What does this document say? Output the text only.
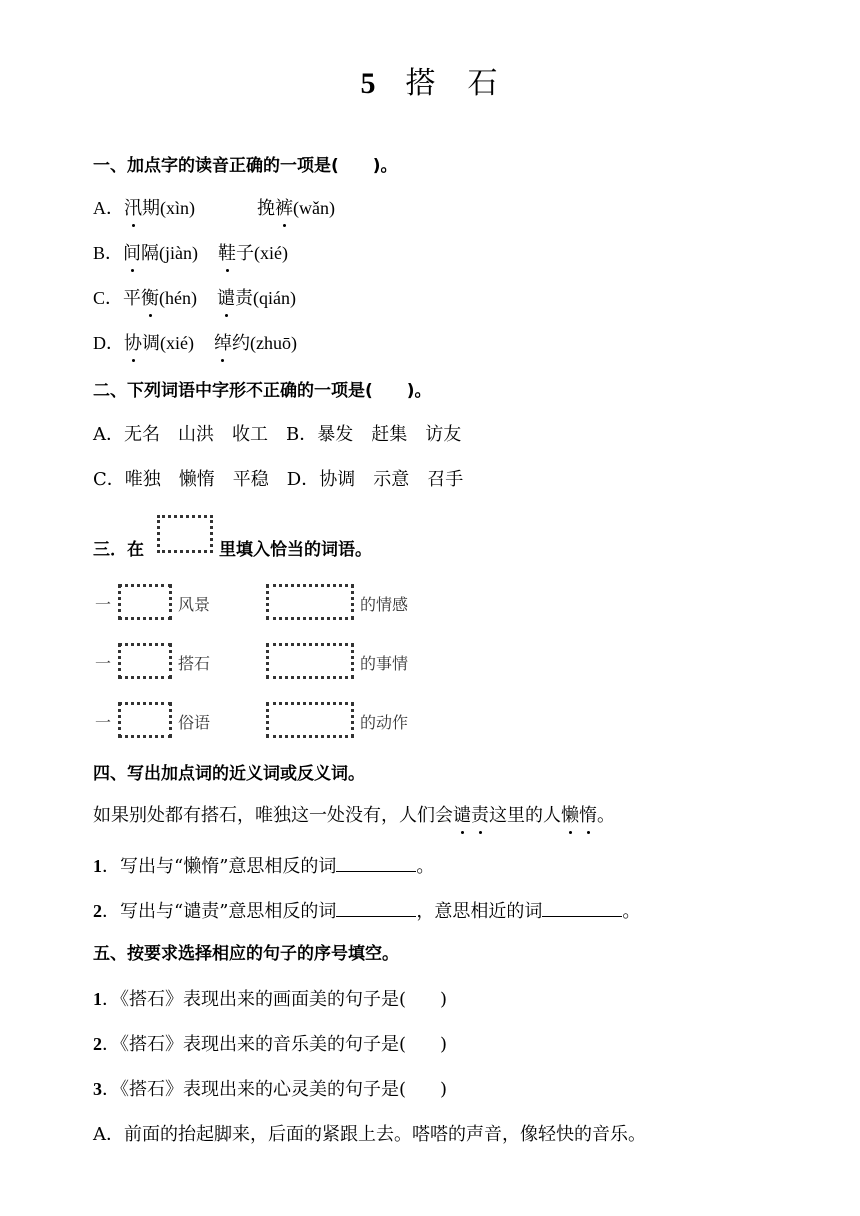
5 搭 石
一、加点字的读音正确的一项是( )。
A．汛期(xìn)	挽裤(wǎn)
B．间隔(jiàn) 鞋子(xié)
C．平衡(hén) 谴责(qián)
D．协调(xié) 绰约(zhuō)
二、下列词语中字形不正确的一项是( )。
A．无名　山洪　收工　B．暴发　赶集　访友
C．唯独　懒惰　平稳　D．协调　示意　召手
三．在	里填入恰当的词语。
一	风景	的情感
一	搭石	的事情
一	俗语	的动作
四、写出加点词的近义词或反义词。
如果别处都有搭石，唯独这一处没有，人们会谴责这里的人懒惰。
1．写出与“懒惰”意思相反的词	。
2．写出与“谴责”意思相反的词	，意思相近的词	。
五、按要求选择相应的句子的序号填空。
1．《搭石》表现出来的画面美的句子是( )
2．《搭石》表现出来的音乐美的句子是( )
3．《搭石》表现出来的心灵美的句子是( )
A．前面的抬起脚来，后面的紧跟上去。嗒嗒的声音，像轻快的音乐。
